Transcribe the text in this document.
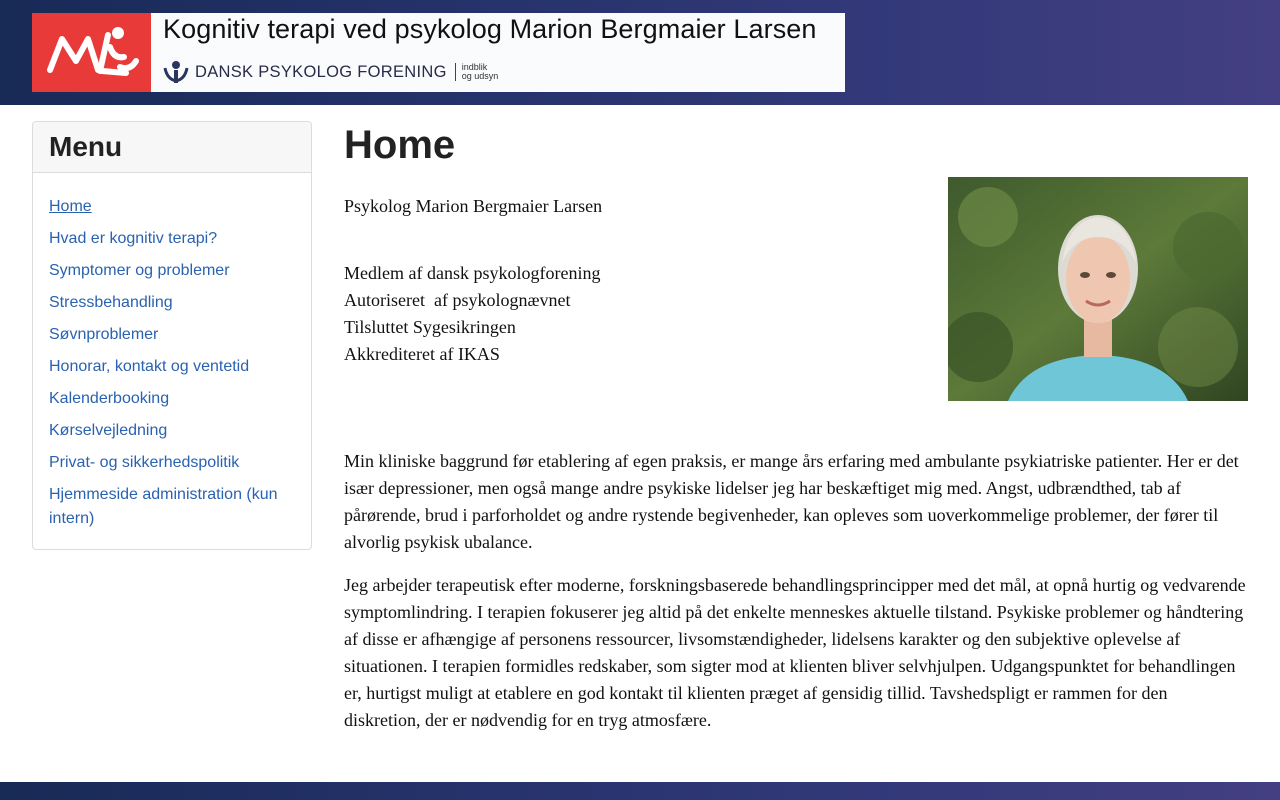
Kognitiv terapi ved psykolog Marion Bergmaier Larsen
DANSK PSYKOLOG FORENING indblik
og udsyn
Menu
Home
Hvad er kognitiv terapi?
Symptomer og problemer
Stressbehandling
Søvnproblemer
Honorar, kontakt og ventetid
Kalenderbooking
Kørselvejledning
Privat- og sikkerhedspolitik
Hjemmeside administration (kun intern)
Home
Psykolog Marion Bergmaier Larsen
Medlem af dansk psykologforening
Autoriseret  af psykolognævnet
Tilsluttet Sygesikringen
Akkrediteret af IKAS

Min kliniske baggrund før etablering af egen praksis, er mange års erfaring med ambulante psykiatriske patienter. Her er det især depressioner, men også mange andre psykiske lidelser jeg har beskæftiget mig med. Angst, udbrændthed, tab af pårørende, brud i parforholdet og andre rystende begivenheder, kan opleves som uoverkommelige problemer, der fører til alvorlig psykisk ubalance.

Jeg arbejder terapeutisk efter moderne, forskningsbaserede behandlingsprincipper med det mål, at opnå hurtig og vedvarende symptomlindring. I terapien fokuserer jeg altid på det enkelte menneskes aktuelle tilstand. Psykiske problemer og håndtering af disse er afhængige af personens ressourcer, livsomstændigheder, lidelsens karakter og den subjektive oplevelse af situationen. I terapien formidles redskaber, som sigter mod at klienten bliver selvhjulpen. Udgangspunktet for behandlingen er, hurtigst muligt at etablere en god kontakt til klienten præget af gensidig tillid. Tavshedspligt er rammen for den diskretion, der er nødvendig for en tryg atmosfære.
